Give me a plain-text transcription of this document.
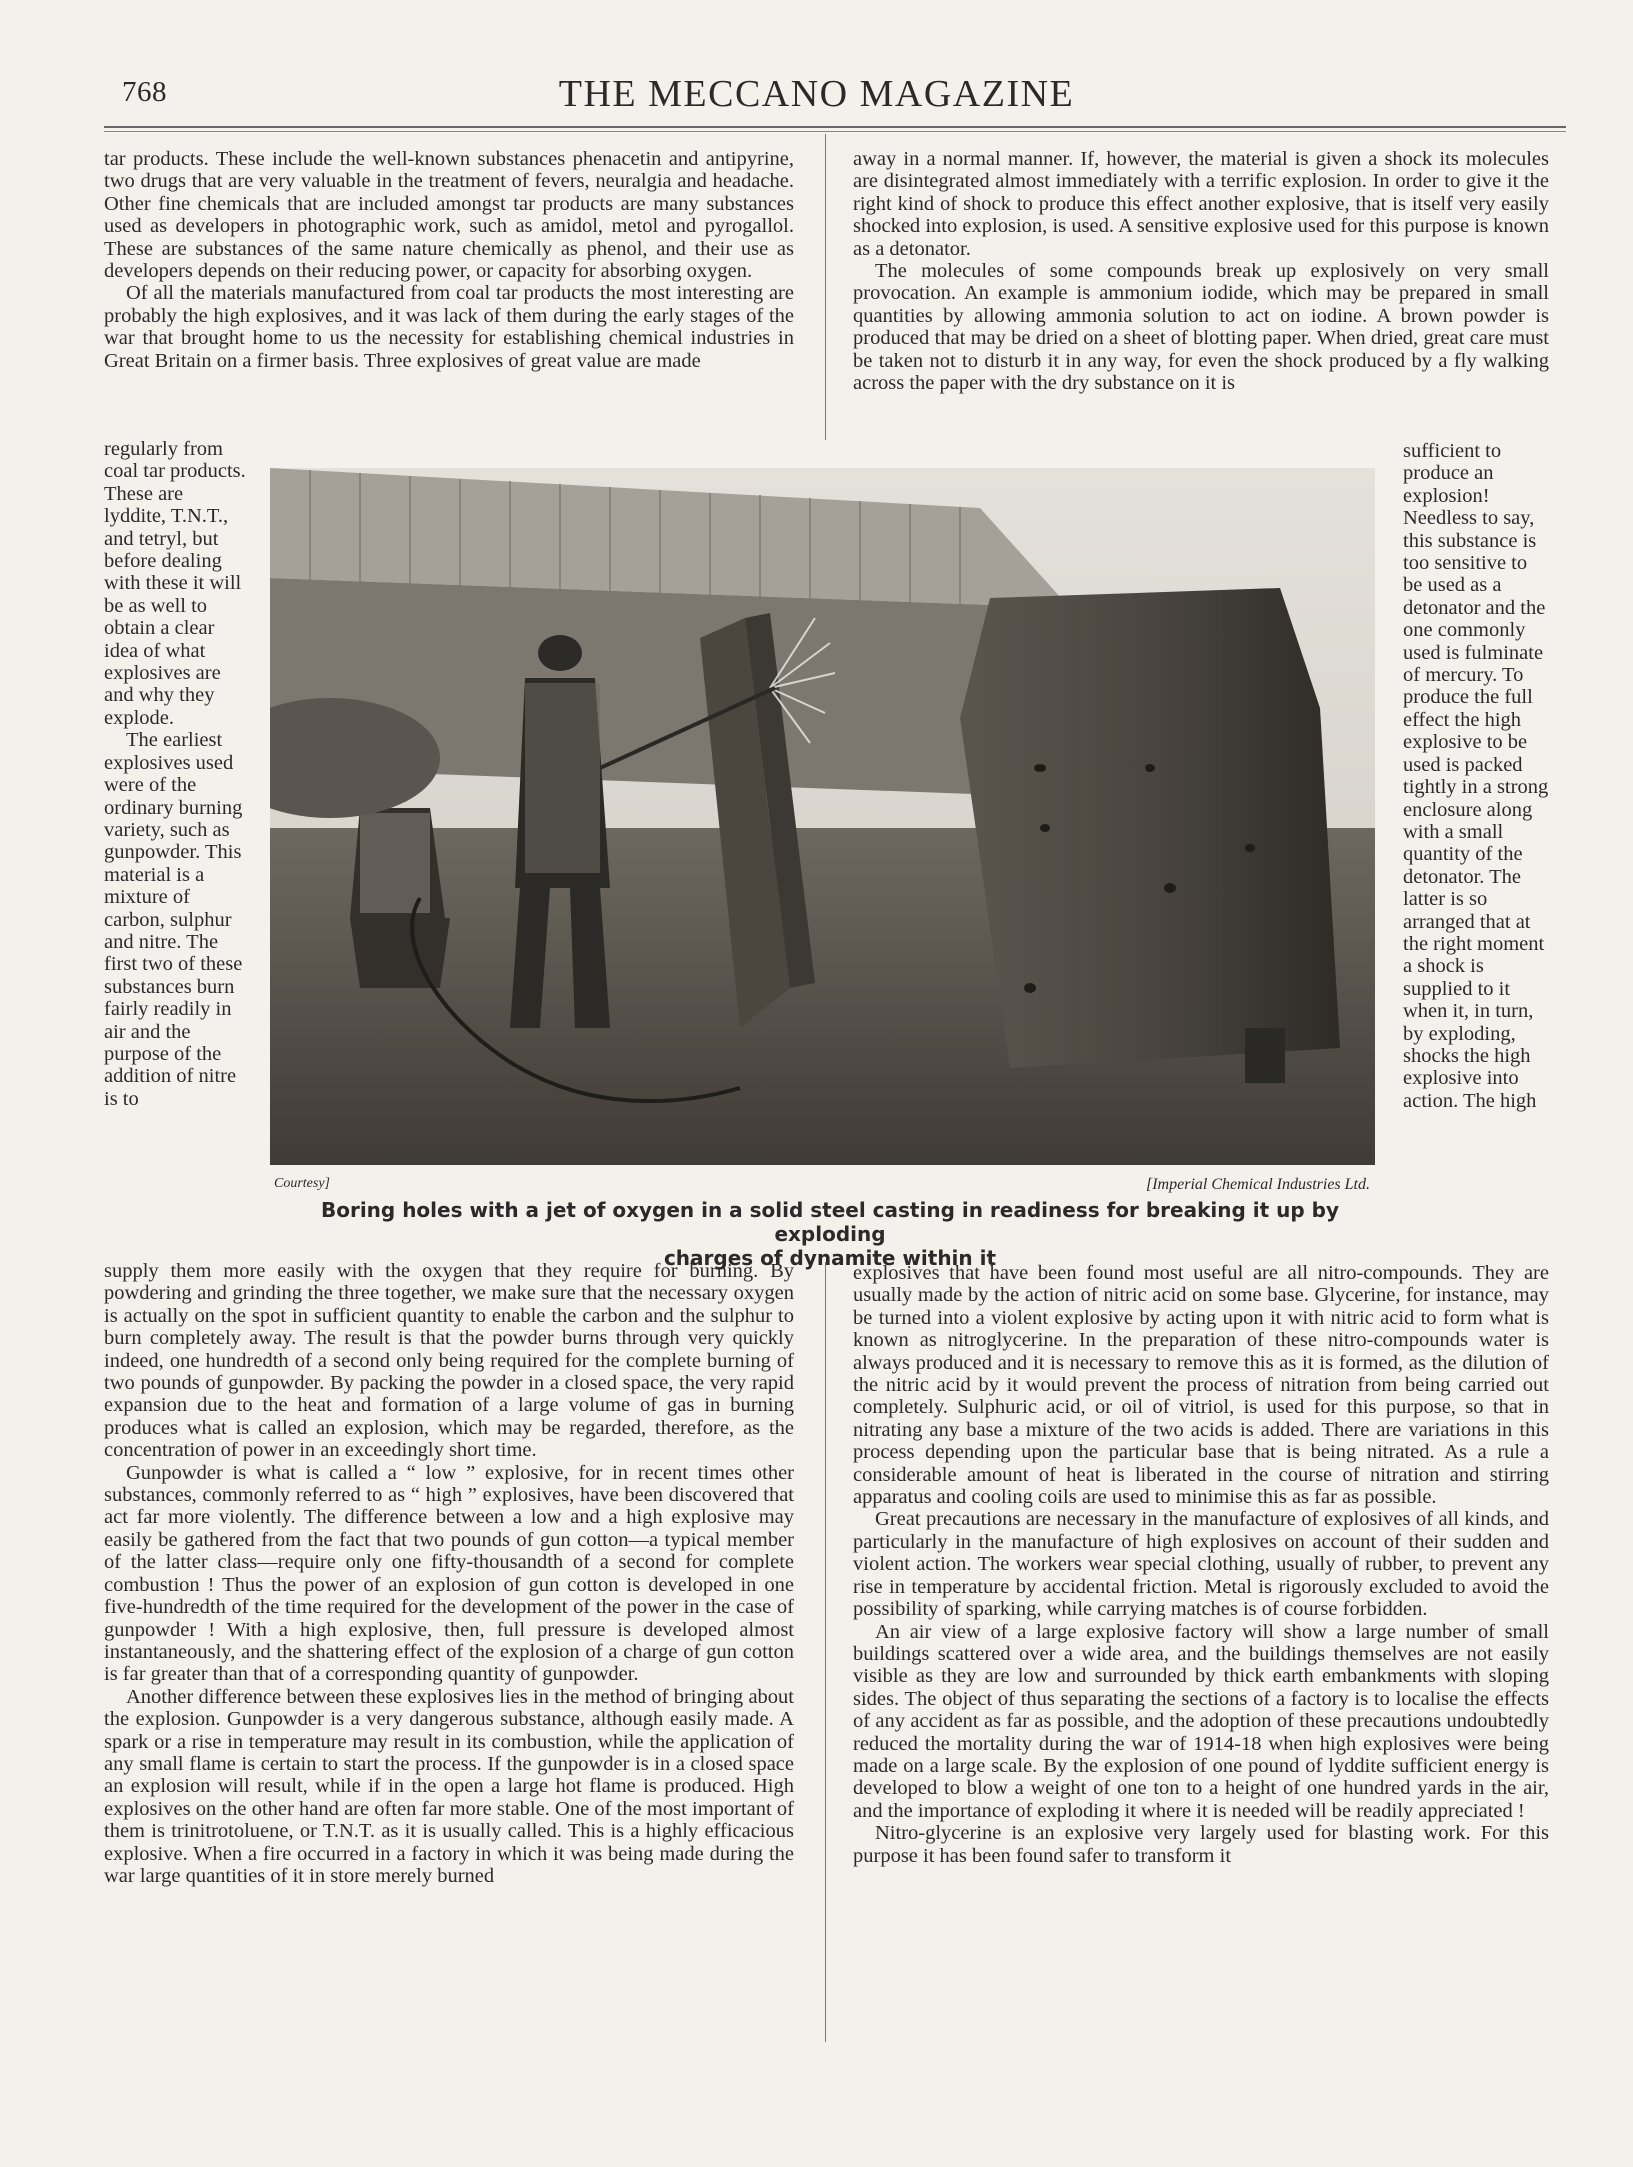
768	THE MECCANO MAGAZINE

tar products. These include the well-known substances phenacetin and antipyrine, two drugs that are very valuable in the treatment of fevers, neuralgia and headache. Other fine chemicals that are included amongst tar products are many substances used as developers in photographic work, such as amidol, metol and pyrogallol. These are substances of the same nature chemically as phenol, and their use as developers depends on their reducing power, or capacity for absorbing oxygen.

Of all the materials manufactured from coal tar products the most interesting are probably the high explosives, and it was lack of them during the early stages of the war that brought home to us the necessity for establishing chemical industries in Great Britain on a firmer basis. Three explosives of great value are made

regularly from coal tar products. These are lyddite, T.N.T., and tetryl, but before dealing with these it will be as well to obtain a clear idea of what explosives are and why they explode.

The earliest explosives used were of the ordinary burning variety, such as gunpowder. This material is a mixture of carbon, sulphur and nitre. The first two of these substances burn fairly readily in air and the purpose of the addition of nitre is to

Courtesy]	[Imperial Chemical Industries Ltd.
Boring holes with a jet of oxygen in a solid steel casting in readiness for breaking it up by exploding
charges of dynamite within it

supply them more easily with the oxygen that they require for burning. By powdering and grinding the three together, we make sure that the necessary oxygen is actually on the spot in sufficient quantity to enable the carbon and the sulphur to burn completely away. The result is that the powder burns through very quickly indeed, one hundredth of a second only being required for the complete burning of two pounds of gunpowder. By packing the powder in a closed space, the very rapid expansion due to the heat and formation of a large volume of gas in burning produces what is called an explosion, which may be regarded, therefore, as the concentration of power in an exceedingly short time.

Gunpowder is what is called a “ low ” explosive, for in recent times other substances, commonly referred to as “ high ” explosives, have been discovered that act far more violently. The difference between a low and a high explosive may easily be gathered from the fact that two pounds of gun cotton—a typical member of the latter class—require only one fifty-thousandth of a second for complete combustion ! Thus the power of an explosion of gun cotton is developed in one five-hundredth of the time required for the development of the power in the case of gunpowder ! With a high explosive, then, full pressure is developed almost instantaneously, and the shattering effect of the explosion of a charge of gun cotton is far greater than that of a corresponding quantity of gunpowder.

Another difference between these explosives lies in the method of bringing about the explosion. Gunpowder is a very dangerous substance, although easily made. A spark or a rise in temperature may result in its combustion, while the application of any small flame is certain to start the process. If the gunpowder is in a closed space an explosion will result, while if in the open a large hot flame is produced. High explosives on the other hand are often far more stable. One of the most important of them is trinitrotoluene, or T.N.T. as it is usually called. This is a highly efficacious explosive. When a fire occurred in a factory in which it was being made during the war large quantities of it in store merely burned

away in a normal manner. If, however, the material is given a shock its molecules are disintegrated almost immediately with a terrific explosion. In order to give it the right kind of shock to produce this effect another explosive, that is itself very easily shocked into explosion, is used. A sensitive explosive used for this purpose is known as a detonator.

The molecules of some compounds break up explosively on very small provocation. An example is ammonium iodide, which may be prepared in small quantities by allowing ammonia solution to act on iodine. A brown powder is produced that may be dried on a sheet of blotting paper. When dried, great care must be taken not to disturb it in any way, for even the shock produced by a fly walking across the paper with the dry substance on it is

sufficient to produce an explosion! Needless to say, this substance is too sensitive to be used as a detonator and the one commonly used is fulminate of mercury. To produce the full effect the high explosive to be used is packed tightly in a strong enclosure along with a small quantity of the detonator. The latter is so arranged that at the right moment a shock is supplied to it when it, in turn, by exploding, shocks the high explosive into action. The high

explosives that have been found most useful are all nitro-compounds. They are usually made by the action of nitric acid on some base. Glycerine, for instance, may be turned into a violent explosive by acting upon it with nitric acid to form what is known as nitroglycerine. In the preparation of these nitro-compounds water is always produced and it is necessary to remove this as it is formed, as the dilution of the nitric acid by it would prevent the process of nitration from being carried out completely. Sulphuric acid, or oil of vitriol, is used for this purpose, so that in nitrating any base a mixture of the two acids is added. There are variations in this process depending upon the particular base that is being nitrated. As a rule a considerable amount of heat is liberated in the course of nitration and stirring apparatus and cooling coils are used to minimise this as far as possible.

Great precautions are necessary in the manufacture of explosives of all kinds, and particularly in the manufacture of high explosives on account of their sudden and violent action. The workers wear special clothing, usually of rubber, to prevent any rise in temperature by accidental friction. Metal is rigorously excluded to avoid the possibility of sparking, while carrying matches is of course forbidden.

An air view of a large explosive factory will show a large number of small buildings scattered over a wide area, and the buildings themselves are not easily visible as they are low and surrounded by thick earth embankments with sloping sides. The object of thus separating the sections of a factory is to localise the effects of any accident as far as possible, and the adoption of these precautions undoubtedly reduced the mortality during the war of 1914-18 when high explosives were being made on a large scale. By the explosion of one pound of lyddite sufficient energy is developed to blow a weight of one ton to a height of one hundred yards in the air, and the importance of exploding it where it is needed will be readily appreciated !

Nitro-glycerine is an explosive very largely used for blasting work. For this purpose it has been found safer to transform it
